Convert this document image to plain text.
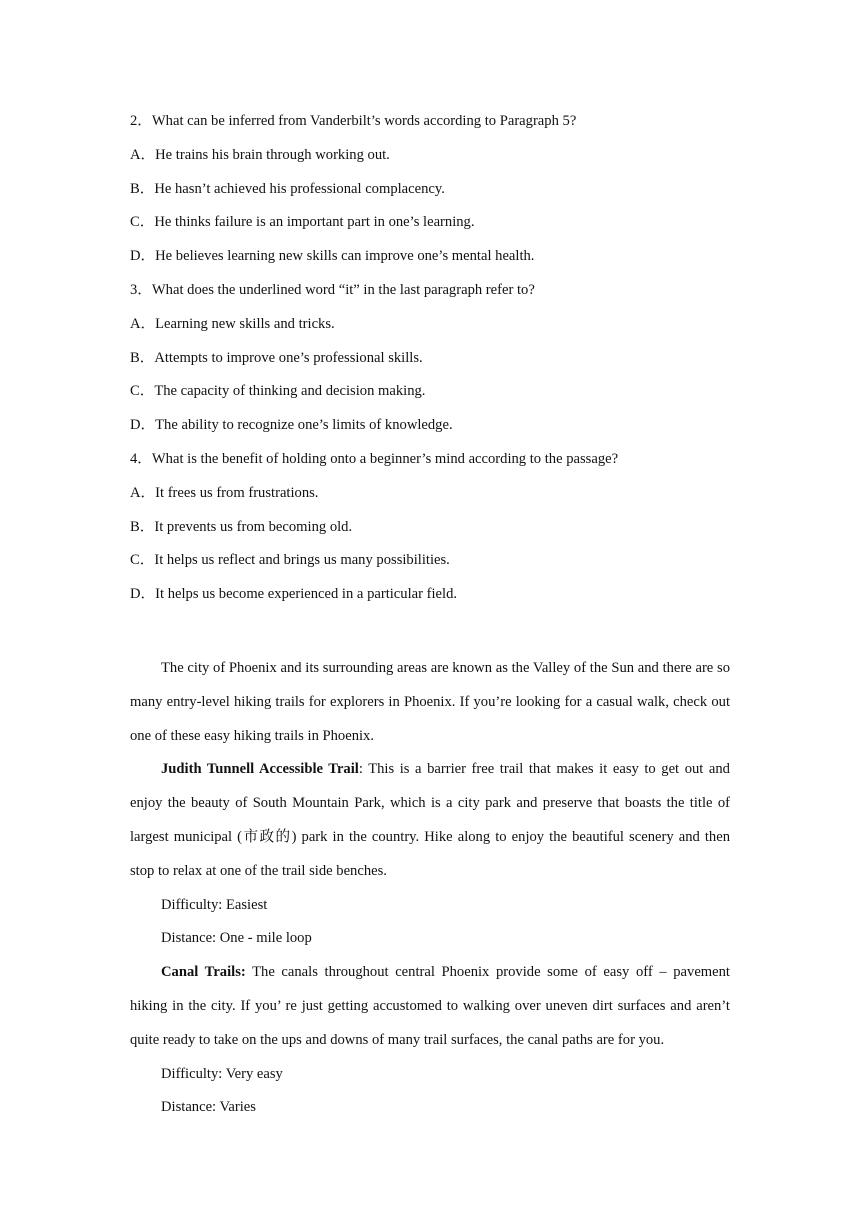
2．What can be inferred from Vanderbilt’s words according to Paragraph 5?
A．He trains his brain through working out.
B．He hasn’t achieved his professional complacency.
C．He thinks failure is an important part in one’s learning.
D．He believes learning new skills can improve one’s mental health.
3．What does the underlined word “it” in the last paragraph refer to?
A．Learning new skills and tricks.
B．Attempts to improve one’s professional skills.
C．The capacity of thinking and decision making.
D．The ability to recognize one’s limits of knowledge.
4．What is the benefit of holding onto a beginner’s mind according to the passage?
A．It frees us from frustrations.
B．It prevents us from becoming old.
C．It helps us reflect and brings us many possibilities.
D．It helps us become experienced in a particular field.

The city of Phoenix and its surrounding areas are known as the Valley of the Sun and there are so many entry-level hiking trails for explorers in Phoenix. If you’re looking for a casual walk, check out one of these easy hiking trails in Phoenix.

Judith Tunnell Accessible Trail: This is a barrier free trail that makes it easy to get out and enjoy the beauty of South Mountain Park, which is a city park and preserve that boasts the title of largest municipal (市政的) park in the country. Hike along to enjoy the beautiful scenery and then stop to relax at one of the trail side benches.

Difficulty: Easiest
Distance: One - mile loop

Canal Trails: The canals throughout central Phoenix provide some of easy off – pavement hiking in the city. If you’ re just getting accustomed to walking over uneven dirt surfaces and aren’t quite ready to take on the ups and downs of many trail surfaces, the canal paths are for you.

Difficulty: Very easy
Distance: Varies
